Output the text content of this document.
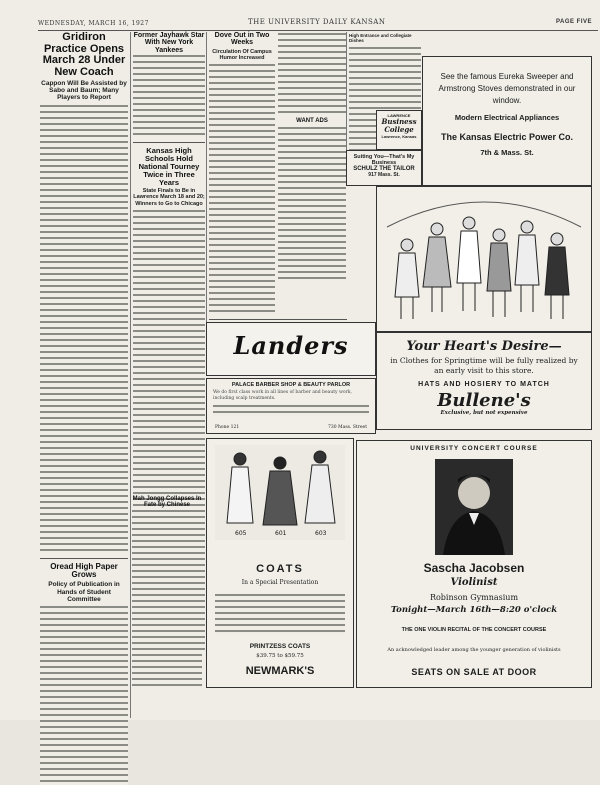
WEDNESDAY, MARCH 16, 1927	THE UNIVERSITY DAILY KANSAN	PAGE FIVE
Gridiron Practice Opens March 28 Under New Coach
Cappon Will Be Assisted by Sabo and Baum; Many Players to Report
Oread High Paper Grows
Policy of Publication in Hands of Student Committee
Former Jayhawk Star With New York Yankees
Kansas High Schools Hold National Tourney Twice in Three Years
State Finals to Be in Lawrence March 18 and 20; Winners to Go to Chicago
Dove Out in Two Weeks
Circulation Of Campus Humor Increased
WANT ADS
High Entrance and Collegiate Dishes
LAWRENCE
Business College
Lawrence, Kansas
Suiting You—That's My Business
SCHULZ THE TAILOR
917 Mass. St.
See the famous Eureka Sweeper and Armstrong Stoves demonstrated in our window.
Modern Electrical Appliances
The Kansas Electric Power Co.
7th & Mass. St.
Landers	Your Heart's Desire—
in Clothes for Springtime will be fully realized by an early visit to this store.
HATS AND HOSIERY TO MATCH
Bullene's
Exclusive, but not expensive
PALACE BARBER SHOP & BEAUTY PARLOR
We do first class work in all lines of barber and beauty work, including scalp treatments.
Phone 121	730 Mass. Street
605	601	603
COATS
In a Special Presentation
PRINTZESS COATS
$39.75 to $59.75
NEWMARK'S
Mah Jongg Collapses In Fate by Chinese
UNIVERSITY CONCERT COURSE
Sascha Jacobsen
Violinist
Robinson Gymnasium
Tonight—March 16th—8:20 o'clock
THE ONE VIOLIN RECITAL OF THE CONCERT COURSE
An acknowledged leader among the younger generation of violinists
SEATS ON SALE AT DOOR
